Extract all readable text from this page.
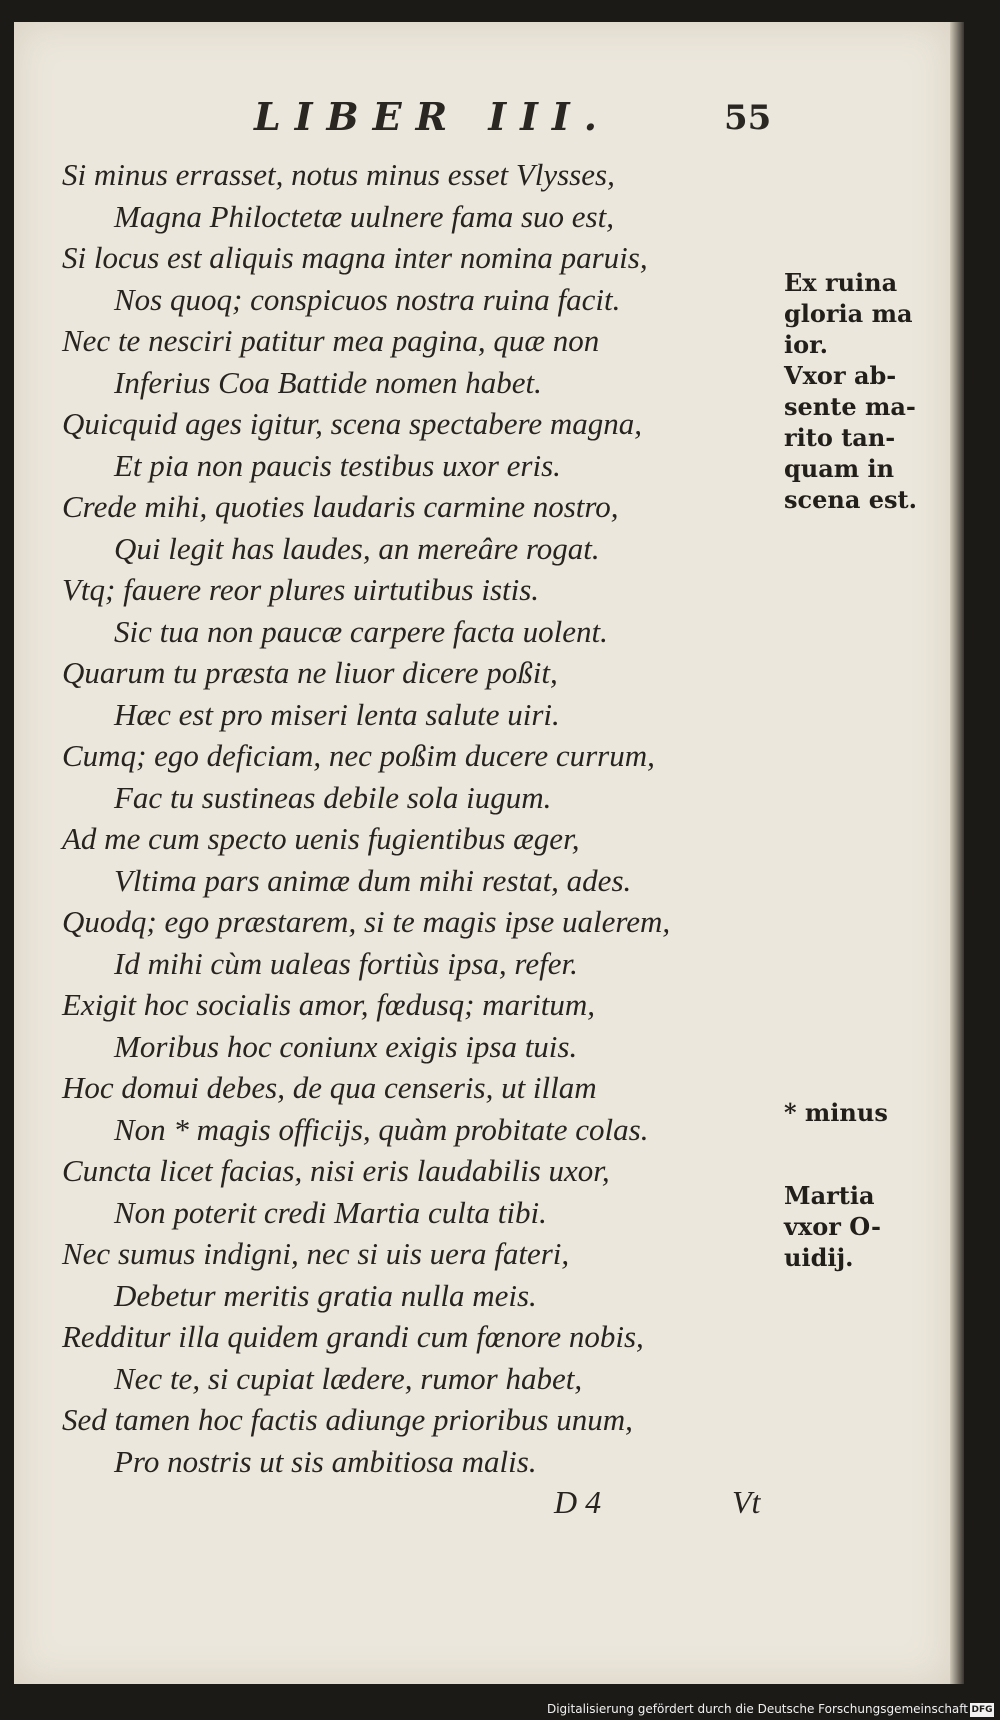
LIBER III.	55
Si minus errasset, notus minus esset Vlysses,
Magna Philoctetæ uulnere fama suo est,
Si locus est aliquis magna inter nomina paruis,
Nos quoq; conspicuos nostra ruina facit.
Nec te nesciri patitur mea pagina, quæ non
Inferius Coa Battide nomen habet.
Quicquid ages igitur, scena spectabere magna,
Et pia non paucis testibus uxor eris.
Crede mihi, quoties laudaris carmine nostro,
Qui legit has laudes, an mereâre rogat.
Vtq; fauere reor plures uirtutibus istis.
Sic tua non paucæ carpere facta uolent.
Quarum tu præsta ne liuor dicere poßit,
Hæc est pro miseri lenta salute uiri.
Cumq; ego deficiam, nec poßim ducere currum,
Fac tu sustineas debile sola iugum.
Ad me cum specto uenis fugientibus æger,
Vltima pars animæ dum mihi restat, ades.
Quodq; ego præstarem, si te magis ipse ualerem,
Id mihi cùm ualeas fortiùs ipsa, refer.
Exigit hoc socialis amor, fœdusq; maritum,
Moribus hoc coniunx exigis ipsa tuis.
Hoc domui debes, de qua censeris, ut illam
Non * magis officijs, quàm probitate colas.
Cuncta licet facias, nisi eris laudabilis uxor,
Non poterit credi Martia culta tibi.
Nec sumus indigni, nec si uis uera fateri,
Debetur meritis gratia nulla meis.
Redditur illa quidem grandi cum fœnore nobis,
Nec te, si cupiat lædere, rumor habet,
Sed tamen hoc factis adiunge prioribus unum,
Pro nostris ut sis ambitiosa malis.

Ex ruina
gloria ma
ior.
Vxor ab-
sente ma-
rito tan-
quam in
scena est.

* minus

Martia
vxor O-
uidij.

D 4	Vt
Digitalisierung gefördert durch die Deutsche Forschungsgemeinschaft DFG
